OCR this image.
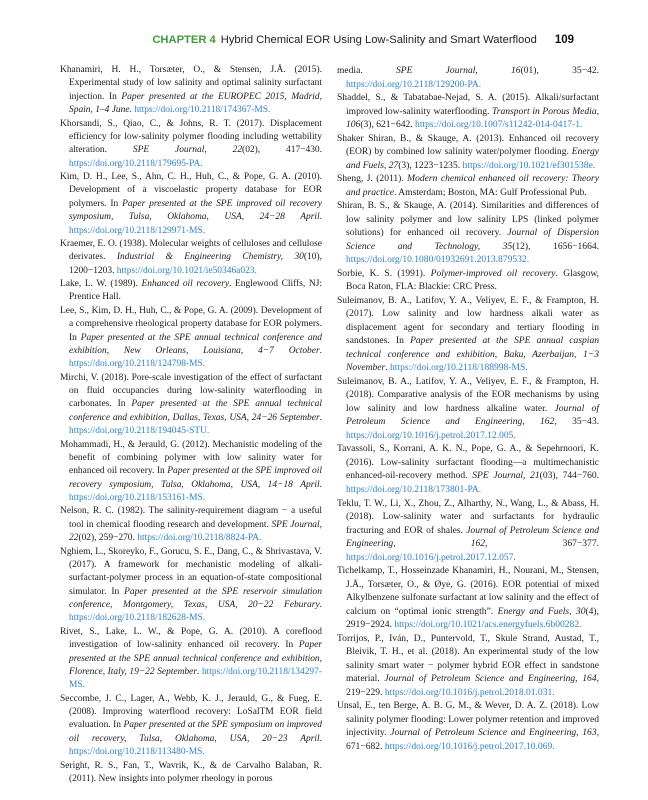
CHAPTER 4 Hybrid Chemical EOR Using Low-Salinity and Smart Waterflood 109

Khanamiri, H. H., Torsæter, O., & Stensen, J.Å. (2015). Experimental study of low salinity and optimal salinity surfactant injection. In Paper presented at the EUROPEC 2015, Madrid, Spain, 1–4 June. https://doi.org/10.2118/174367-MS.

Khorsandi, S., Qiao, C., & Johns, R. T. (2017). Displacement efficiency for low-salinity polymer flooding including wettability alteration. SPE Journal, 22(02), 417−430. https://doi.org/10.2118/179695-PA.

Kim, D. H., Lee, S., Ahn, C. H., Huh, C., & Pope, G. A. (2010). Development of a viscoelastic property database for EOR polymers. In Paper presented at the SPE improved oil recovery symposium, Tulsa, Oklahoma, USA, 24−28 April. https://doi.org/10.2118/129971-MS.

Kraemer, E. O. (1938). Molecular weights of celluloses and cellulose derivates. Industrial & Engineering Chemistry, 30(10), 1200−1203. https://doi.org/10.1021/ie50346a023.

Lake, L. W. (1989). Enhanced oil recovery. Englewood Cliffs, NJ: Prentice Hall.

Lee, S., Kim, D. H., Huh, C., & Pope, G. A. (2009). Development of a comprehensive rheological property database for EOR polymers. In Paper presented at the SPE annual technical conference and exhibition, New Orleans, Louisiana, 4−7 October. https://doi.org/10.2118/124798-MS.

Mirchi, V. (2018). Pore-scale investigation of the effect of surfactant on fluid occupancies during low-salinity waterflooding in carbonates. In Paper presented at the SPE annual technical conference and exhibition, Dallas, Texas, USA, 24−26 September. https://doi.org/10.2118/194045-STU.

Mohammadi, H., & Jerauld, G. (2012). Mechanistic modeling of the benefit of combining polymer with low salinity water for enhanced oil recovery. In Paper presented at the SPE improved oil recovery symposium, Tulsa, Oklahoma, USA, 14−18 April. https://doi.org/10.2118/153161-MS.

Nelson, R. C. (1982). The salinity-requirement diagram − a useful tool in chemical flooding research and development. SPE Journal, 22(02), 259−270. https://doi.org/10.2118/8824-PA.

Nghiem, L., Skoreyko, F., Gorucu, S. E., Dang, C., & Shrivastava, V. (2017). A framework for mechanistic modeling of alkali-surfactant-polymer process in an equation-of-state compositional simulator. In Paper presented at the SPE reservoir simulation conference, Montgomery, Texas, USA, 20−22 Feburary. https://doi.org/10.2118/182628-MS.

Rivet, S., Lake, L. W., & Pope, G. A. (2010). A coreflood investigation of low-salinity enhanced oil recovery. In Paper presented at the SPE annual technical conference and exhibition, Florence, Italy, 19−22 September. https://doi.org/10.2118/134297-MS.

Seccombe, J. C., Lager, A., Webb, K. J., Jerauld, G., & Fueg, E. (2008). Improving waterflood recovery: LoSalTM EOR field evaluation. In Paper presented at the SPE symposium on improved oil recovery, Tulsa, Oklahoma, USA, 20−23 April. https://doi.org/10.2118/113480-MS.

Seright, R. S., Fan, T., Wavrik, K., & de Carvalho Balaban, R. (2011). New insights into polymer rheology in porous

media. SPE Journal, 16(01), 35−42. https://doi.org/10.2118/129200-PA.

Shaddel, S., & Tabatabae-Nejad, S. A. (2015). Alkali/surfactant improved low-salinity waterflooding. Transport in Porous Media, 106(3), 621−642. https://doi.org/10.1007/s11242-014-0417-1.

Shaker Shiran, B., & Skauge, A. (2013). Enhanced oil recovery (EOR) by combined low salinity water/polymer flooding. Energy and Fuels, 27(3), 1223−1235. https://doi.org/10.1021/ef301538e.

Sheng, J. (2011). Modern chemical enhanced oil recovery: Theory and practice. Amsterdam; Boston, MA: Gulf Professional Pub.

Shiran, B. S., & Skauge, A. (2014). Similarities and differences of low salinity polymer and low salinity LPS (linked polymer solutions) for enhanced oil recovery. Journal of Dispersion Science and Technology, 35(12), 1656−1664. https://doi.org/10.1080/01932691.2013.879532.

Sorbie, K. S. (1991). Polymer-improved oil recovery. Glasgow, Boca Raton, FLA: Blackie: CRC Press.

Suleimanov, B. A., Latifov, Y. A., Veliyev, E. F., & Frampton, H. (2017). Low salinity and low hardness alkali water as displacement agent for secondary and tertiary flooding in sandstones. In Paper presented at the SPE annual caspian technical conference and exhibition, Baku, Azerbaijan, 1−3 November. https://doi.org/10.2118/188998-MS.

Suleimanov, B. A., Latifov, Y. A., Veliyev, E. F., & Frampton, H. (2018). Comparative analysis of the EOR mechanisms by using low salinity and low hardness alkaline water. Journal of Petroleum Science and Engineering, 162, 35−43. https://doi.org/10.1016/j.petrol.2017.12.005.

Tavassoli, S., Korrani, A. K. N., Pope, G. A., & Sepehrnoori, K. (2016). Low-salinity surfactant flooding—a multimechanistic enhanced-oil-recovery method. SPE Journal, 21(03), 744−760. https://doi.org/10.2118/173801-PA.

Teklu, T. W., Li, X., Zhou, Z., Alharthy, N., Wang, L., & Abass, H. (2018). Low-salinity water and surfactants for hydraulic fracturing and EOR of shales. Journal of Petroleum Science and Engineering, 162, 367−377. https://doi.org/10.1016/j.petrol.2017.12.057.

Tichelkamp, T., Hosseinzade Khanamiri, H., Nourani, M., Stensen, J.Å., Torsæter, O., & Øye, G. (2016). EOR potential of mixed Alkylbenzene sulfonate surfactant at low salinity and the effect of calcium on “optimal ionic strength”. Energy and Fuels, 30(4), 2919−2924. https://doi.org/10.1021/acs.energyfuels.6b00282.

Torrijos, P., Iván, D., Puntervold, T., Skule Strand, Austad, T., Bleivik, T. H., et al. (2018). An experimental study of the low salinity smart water − polymer hybrid EOR effect in sandstone material. Journal of Petroleum Science and Engineering, 164, 219−229. https://doi.org/10.1016/j.petrol.2018.01.031.

Unsal, E., ten Berge, A. B. G. M., & Wever, D. A. Z. (2018). Low salinity polymer flooding: Lower polymer retention and improved injectivity. Journal of Petroleum Science and Engineering, 163, 671−682. https://doi.org/10.1016/j.petrol.2017.10.069.
